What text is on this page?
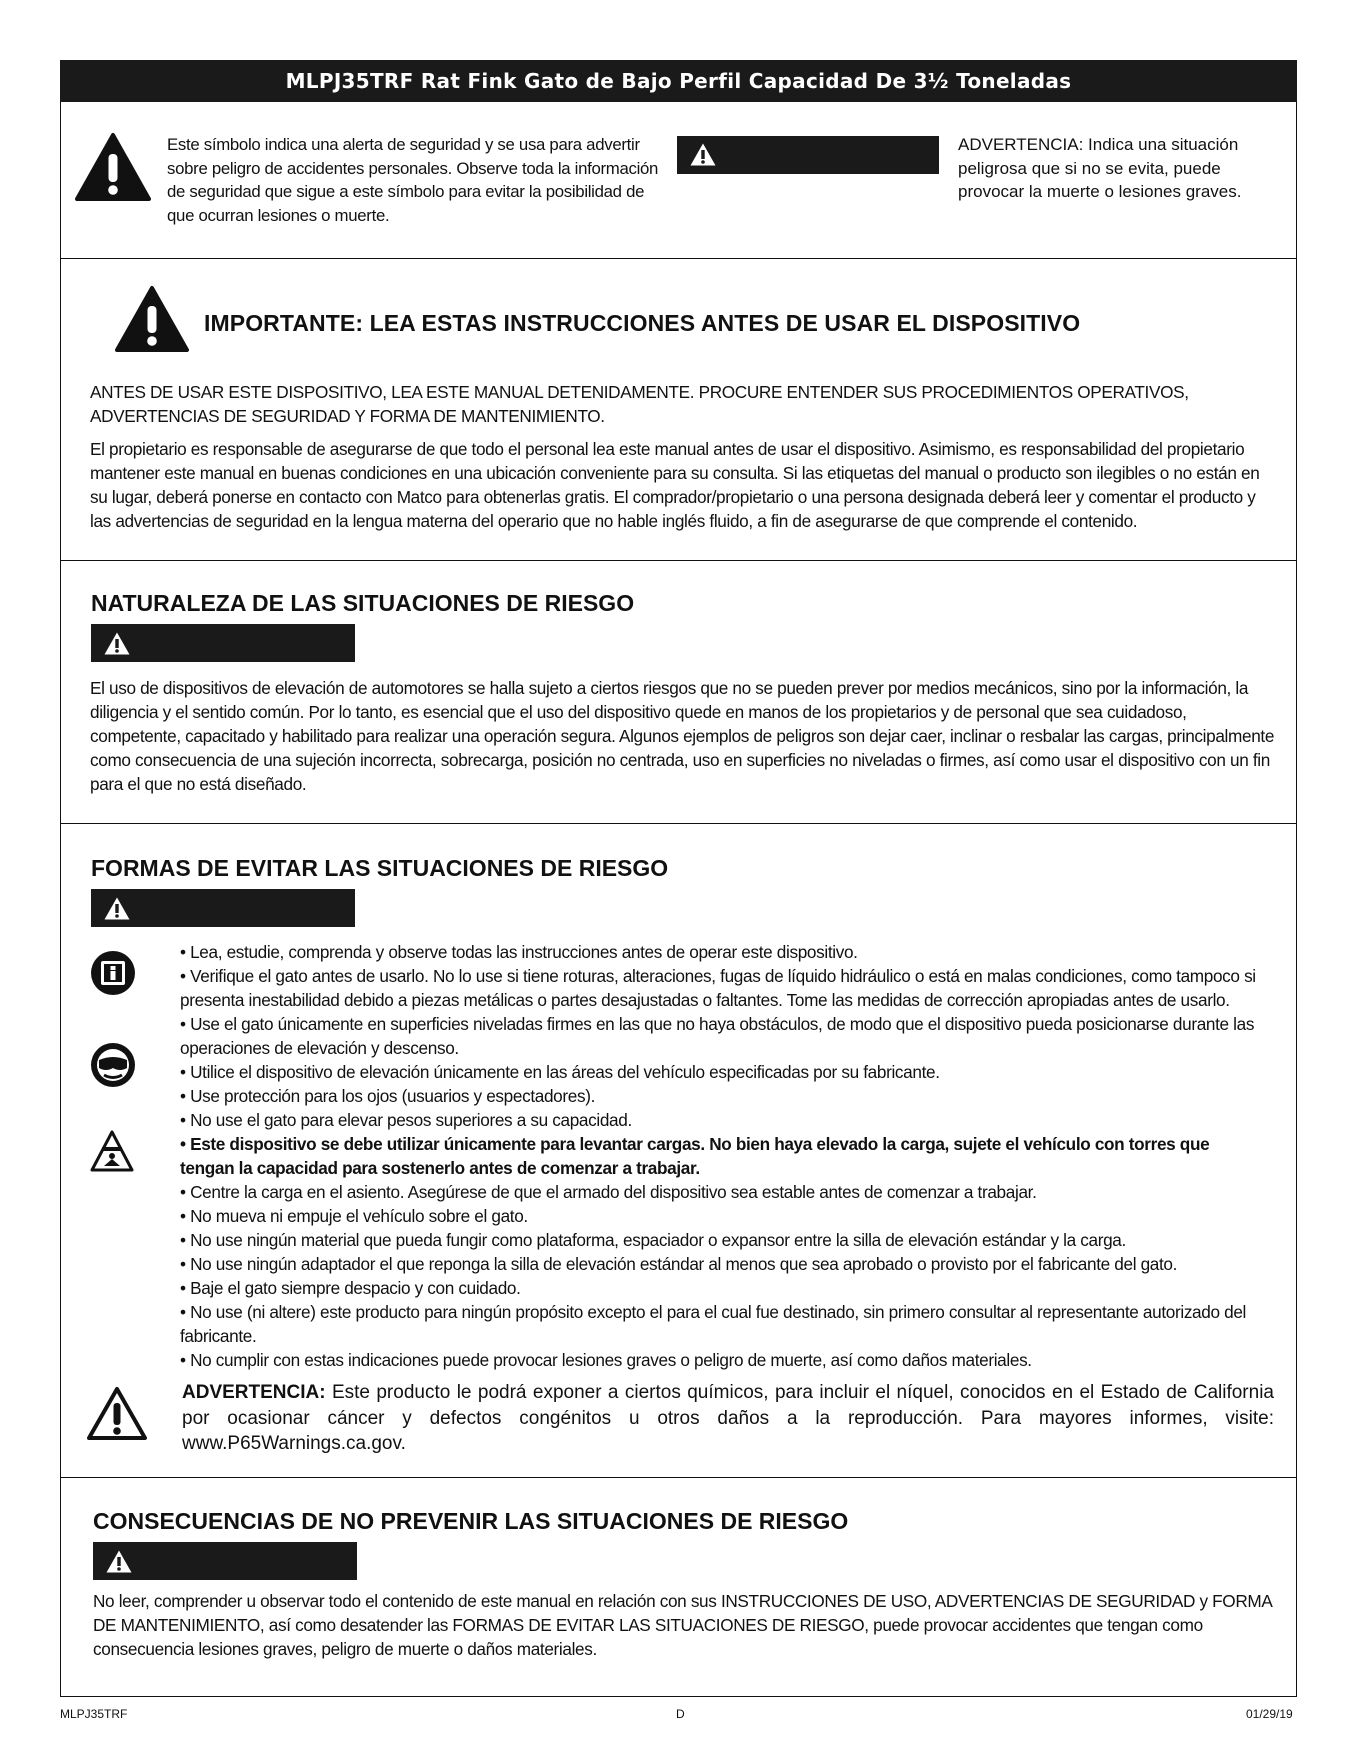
MLPJ35TRF Rat Fink Gato de Bajo Perfil Capacidad De 3½ Toneladas
Este símbolo indica una alerta de seguridad y se usa para advertir sobre peligro de accidentes personales. Observe toda la información de seguridad que sigue a este símbolo para evitar la posibilidad de que ocurran lesiones o muerte.
ADVERTENCIA: Indica una situación peligrosa que si no se evita, puede provocar la muerte o lesiones graves.
IMPORTANTE: LEA ESTAS INSTRUCCIONES ANTES DE USAR EL DISPOSITIVO
ANTES DE USAR ESTE DISPOSITIVO, LEA ESTE MANUAL DETENIDAMENTE. PROCURE ENTENDER SUS PROCEDIMIENTOS OPERATIVOS, ADVERTENCIAS DE SEGURIDAD Y FORMA DE MANTENIMIENTO.
El propietario es responsable de asegurarse de que todo el personal lea este manual antes de usar el dispositivo. Asimismo, es responsabilidad del propietario mantener este manual en buenas condiciones en una ubicación conveniente para su consulta. Si las etiquetas del manual o producto son ilegibles o no están en su lugar, deberá ponerse en contacto con Matco para obtenerlas gratis. El comprador/propietario o una persona designada deberá leer y comentar el producto y las advertencias de seguridad en la lengua materna del operario que no hable inglés fluido, a fin de asegurarse de que comprende el contenido.
NATURALEZA DE LAS SITUACIONES DE RIESGO
El uso de dispositivos de elevación de automotores se halla sujeto a ciertos riesgos que no se pueden prever por medios mecánicos, sino por la información, la diligencia y el sentido común. Por lo tanto, es esencial que el uso del dispositivo quede en manos de los propietarios y de personal que sea cuidadoso, competente, capacitado y habilitado para realizar una operación segura. Algunos ejemplos de peligros son dejar caer, inclinar o resbalar las cargas, principalmente como consecuencia de una sujeción incorrecta, sobrecarga, posición no centrada, uso en superficies no niveladas o firmes, así como usar el dispositivo con un fin para el que no está diseñado.
FORMAS DE EVITAR LAS SITUACIONES DE RIESGO
• Lea, estudie, comprenda y observe todas las instrucciones antes de operar este dispositivo.
• Verifique el gato antes de usarlo. No lo use si tiene roturas, alteraciones, fugas de líquido hidráulico o está en malas condiciones, como tampoco si presenta inestabilidad debido a piezas metálicas o partes desajustadas o faltantes. Tome las medidas de corrección apropiadas antes de usarlo.
• Use el gato únicamente en superficies niveladas firmes en las que no haya obstáculos, de modo que el dispositivo pueda posicionarse durante las operaciones de elevación y descenso.
• Utilice el dispositivo de elevación únicamente en las áreas del vehículo especificadas por su fabricante.
• Use protección para los ojos (usuarios y espectadores).
• No use el gato para elevar pesos superiores a su capacidad.
• Este dispositivo se debe utilizar únicamente para levantar cargas. No bien haya elevado la carga, sujete el vehículo con torres que tengan la capacidad para sostenerlo antes de comenzar a trabajar.
• Centre la carga en el asiento. Asegúrese de que el armado del dispositivo sea estable antes de comenzar a trabajar.
• No mueva ni empuje el vehículo sobre el gato.
• No use ningún material que pueda fungir como plataforma, espaciador o expansor entre la silla de elevación estándar y la carga.
• No use ningún adaptador el que reponga la silla de elevación estándar al menos que sea aprobado o provisto por el fabricante del gato.
• Baje el gato siempre despacio y con cuidado.
• No use (ni altere) este producto para ningún propósito excepto el para el cual fue destinado, sin primero consultar al representante autorizado del fabricante.
• No cumplir con estas indicaciones puede provocar lesiones graves o peligro de muerte, así como daños materiales.
ADVERTENCIA: Este producto le podrá exponer a ciertos químicos, para incluir el níquel, conocidos en el Estado de California por ocasionar cáncer y defectos congénitos u otros daños a la reproducción. Para mayores informes, visite: www.P65Warnings.ca.gov.
CONSECUENCIAS DE NO PREVENIR LAS SITUACIONES DE RIESGO
No leer, comprender u observar todo el contenido de este manual en relación con sus INSTRUCCIONES DE USO, ADVERTENCIAS DE SEGURIDAD y FORMA DE MANTENIMIENTO, así como desatender las FORMAS DE EVITAR LAS SITUACIONES DE RIESGO, puede provocar accidentes que tengan como consecuencia lesiones graves, peligro de muerte o daños materiales.
MLPJ35TRF	D	01/29/19
